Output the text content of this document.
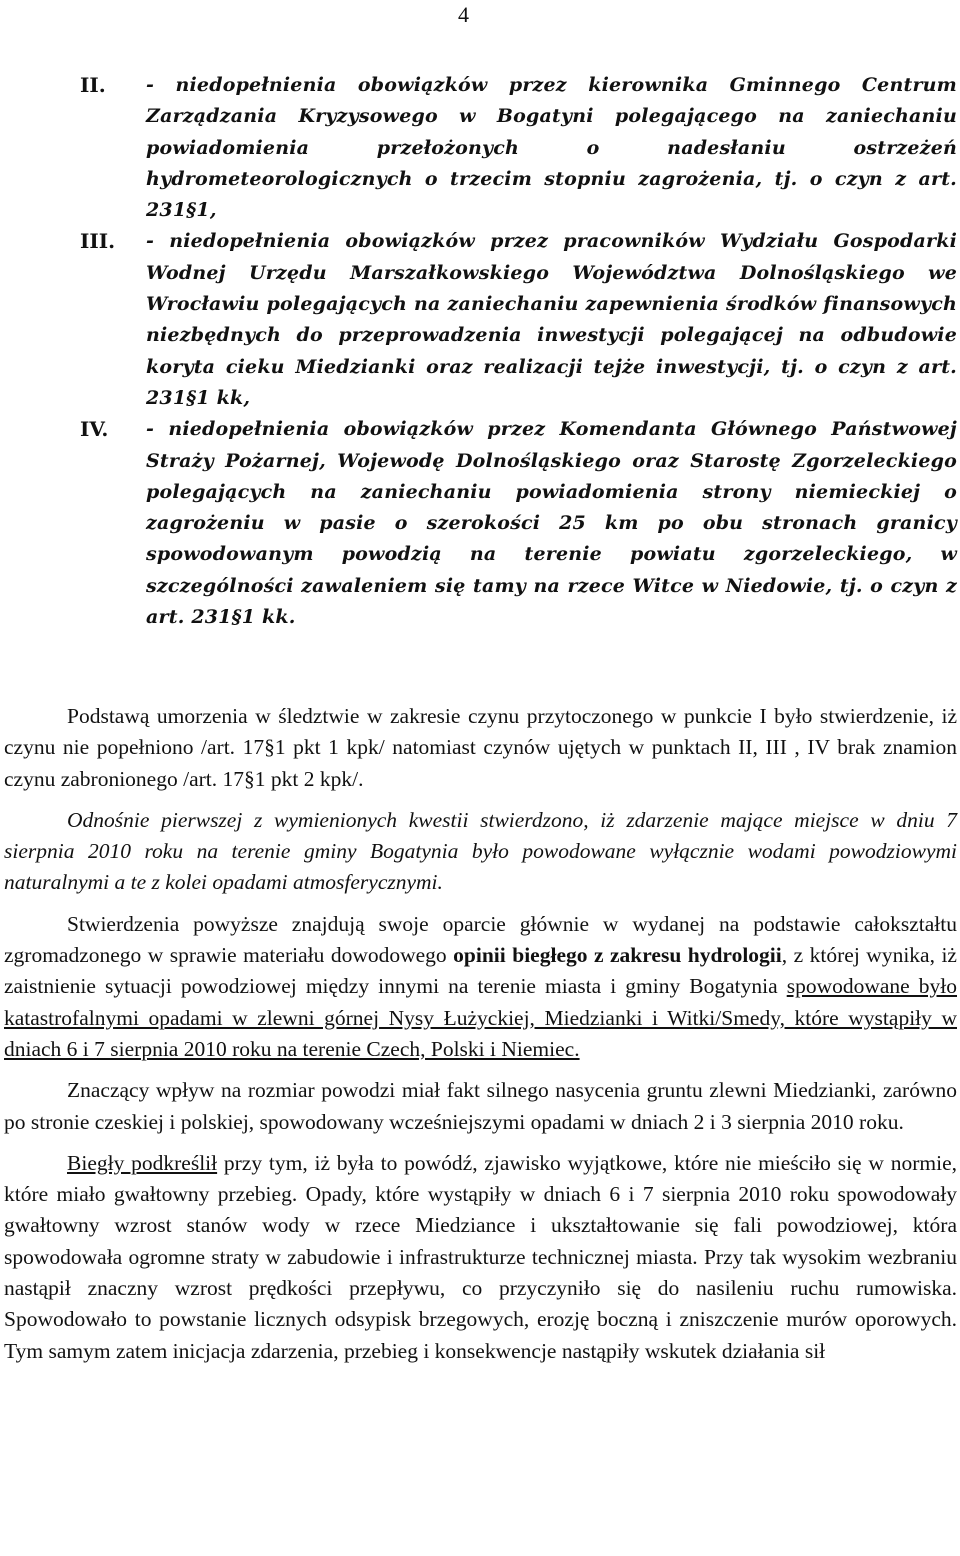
4
II. - niedopełnienia obowiązków przez kierownika Gminnego Centrum Zarządzania Kryzysowego w Bogatyni polegającego na zaniechaniu powiadomienia przełożonych o nadesłaniu ostrzeżeń hydrometeorologicznych o trzecim stopniu zagrożenia, tj. o czyn z art. 231§1,
III. - niedopełnienia obowiązków przez pracowników Wydziału Gospodarki Wodnej Urzędu Marszałkowskiego Województwa Dolnośląskiego we Wrocławiu polegających na zaniechaniu zapewnienia środków finansowych niezbędnych do przeprowadzenia inwestycji polegającej na odbudowie koryta cieku Miedzianki oraz realizacji tejże inwestycji, tj. o czyn z art. 231§1 kk,
IV. - niedopełnienia obowiązków przez Komendanta Głównego Państwowej Straży Pożarnej, Wojewodę Dolnośląskiego oraz Starostę Zgorzeleckiego polegających na zaniechaniu powiadomienia strony niemieckiej o zagrożeniu w pasie o szerokości 25 km po obu stronach granicy spowodowanym powodzią na terenie powiatu zgorzeleckiego, w szczególności zawaleniem się tamy na rzece Witce w Niedowie, tj. o czyn z art. 231§1 kk.

Podstawą umorzenia w śledztwie w zakresie czynu przytoczonego w punkcie I było stwierdzenie, iż czynu nie popełniono /art. 17§1 pkt 1 kpk/ natomiast czynów ujętych w punktach II, III , IV brak znamion czynu zabronionego /art. 17§1 pkt 2 kpk/.

Odnośnie pierwszej z wymienionych kwestii stwierdzono, iż zdarzenie mające miejsce w dniu 7 sierpnia 2010 roku na terenie gminy Bogatynia było powodowane wyłącznie wodami powodziowymi naturalnymi a te z kolei opadami atmosferycznymi.

Stwierdzenia powyższe znajdują swoje oparcie głównie w wydanej na podstawie całokształtu zgromadzonego w sprawie materiału dowodowego opinii biegłego z zakresu hydrologii, z której wynika, iż zaistnienie sytuacji powodziowej między innymi na terenie miasta i gminy Bogatynia spowodowane było katastrofalnymi opadami w zlewni górnej Nysy Łużyckiej, Miedzianki i Witki/Smedy, które wystąpiły w dniach 6 i 7 sierpnia 2010 roku na terenie Czech, Polski i Niemiec.

Znaczący wpływ na rozmiar powodzi miał fakt silnego nasycenia gruntu zlewni Miedzianki, zarówno po stronie czeskiej i polskiej, spowodowany wcześniejszymi opadami w dniach 2 i 3 sierpnia 2010 roku.

Biegły podkreślił przy tym, iż była to powódź, zjawisko wyjątkowe, które nie mieściło się w normie, które miało gwałtowny przebieg. Opady, które wystąpiły w dniach 6 i 7 sierpnia 2010 roku spowodowały gwałtowny wzrost stanów wody w rzece Miedziance i ukształtowanie się fali powodziowej, która spowodowała ogromne straty w zabudowie i infrastrukturze technicznej miasta. Przy tak wysokim wezbraniu nastąpił znaczny wzrost prędkości przepływu, co przyczyniło się do nasileniu ruchu rumowiska. Spowodowało to powstanie licznych odsypisk brzegowych, erozję boczną i zniszczenie murów oporowych. Tym samym zatem inicjacja zdarzenia, przebieg i konsekwencje nastąpiły wskutek działania sił
